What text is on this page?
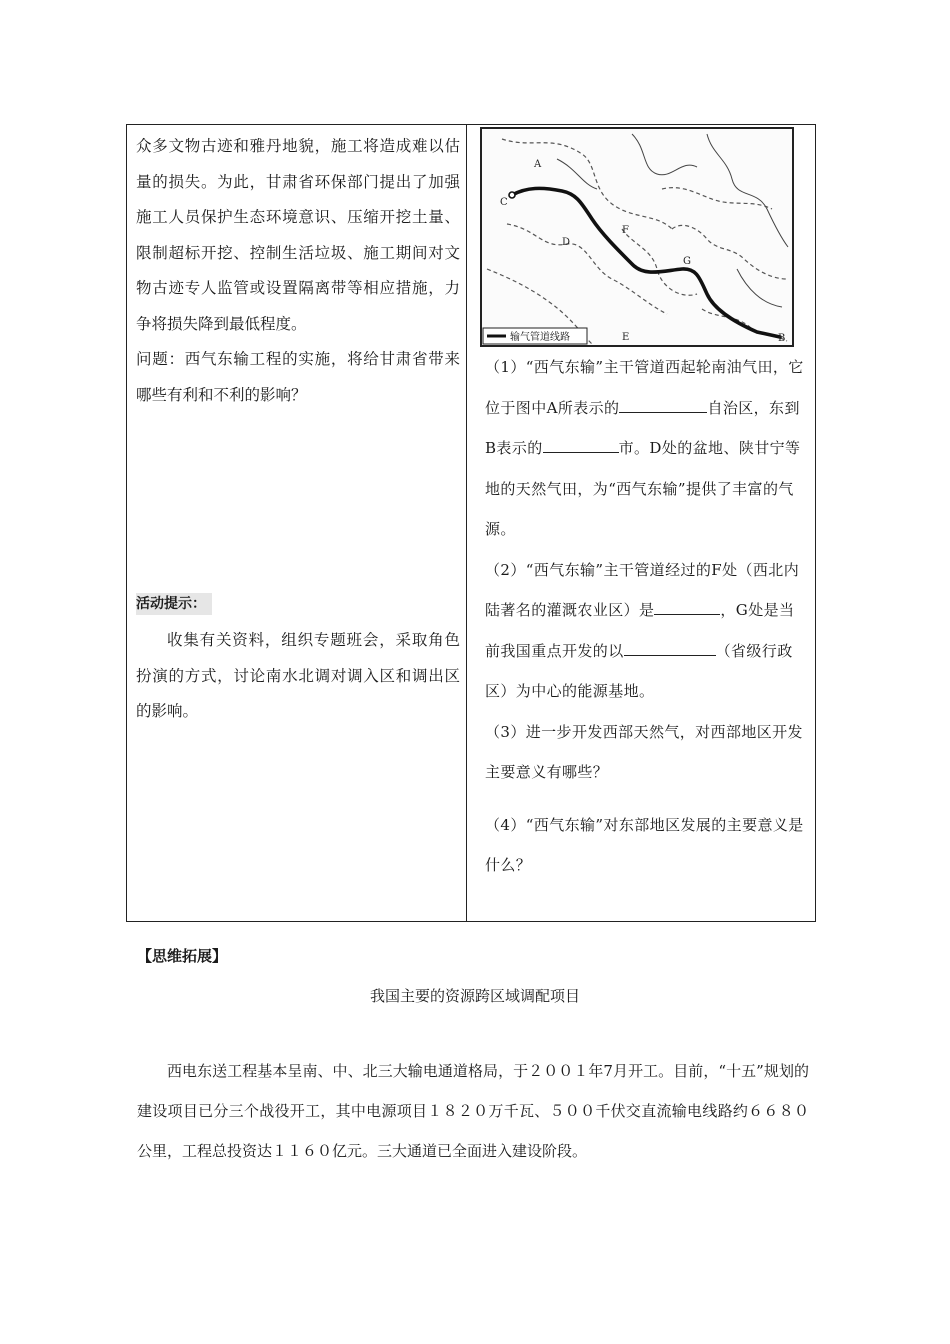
众多文物古迹和雅丹地貌，施工将造成难以估量的损失。为此，甘肃省环保部门提出了加强施工人员保护生态环境意识、压缩开挖土量、限制超标开挖、控制生活垃圾、施工期间对文物古迹专人监管或设置隔离带等相应措施，力争将损失降到最低程度。

问题：西气东输工程的实施，将给甘肃省带来哪些有利和不利的影响？

活动提示：

收集有关资料，组织专题班会，采取角色扮演的方式，讨论南水北调对调入区和调出区的影响。

A
B
C
D
E
F
G
输气管道线路

（1）“西气东输”主干管道西起轮南油气田，它位于图中A所表示的	自治区，东到B表示的	市。D处的盆地、陕甘宁等地的天然气田，为“西气东输”提供了丰富的气源。

（2）“西气东输”主干管道经过的F处（西北内陆著名的灌溉农业区）是	，G处是当前我国重点开发的以	（省级行政区）为中心的能源基地。

（3）进一步开发西部天然气，对西部地区开发主要意义有哪些？

（4）“西气东输”对东部地区发展的主要意义是什么？

【思维拓展】
我国主要的资源跨区域调配项目

西电东送工程基本呈南、中、北三大输电通道格局，于２００１年7月开工。目前，“十五”规划的建设项目已分三个战役开工，其中电源项目１８２０万千瓦、５００千伏交直流输电线路约６６８０公里，工程总投资达１１６０亿元。三大通道已全面进入建设阶段。
